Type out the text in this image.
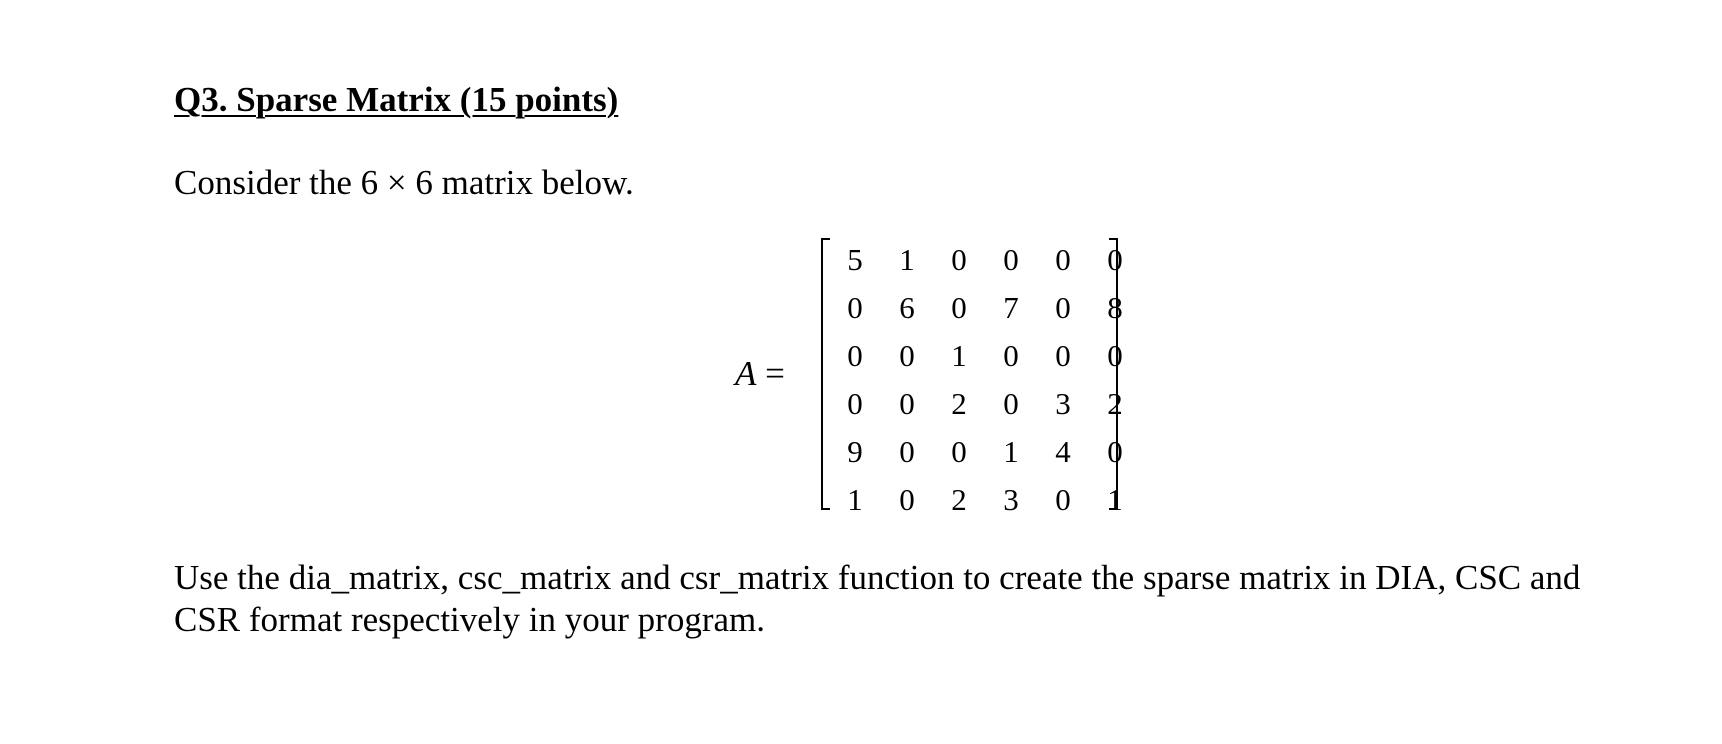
Q3. Sparse Matrix (15 points)
Consider the 6 × 6 matrix below.
A =
5	1	0	0	0	0
0	6	0	7	0	8
0	0	1	0	0	0
0	0	2	0	3	2
9	0	0	1	4	0
1	0	2	3	0	1
Use the dia_matrix, csc_matrix and csr_matrix function to create the sparse matrix in DIA, CSC and CSR format respectively in your program.
